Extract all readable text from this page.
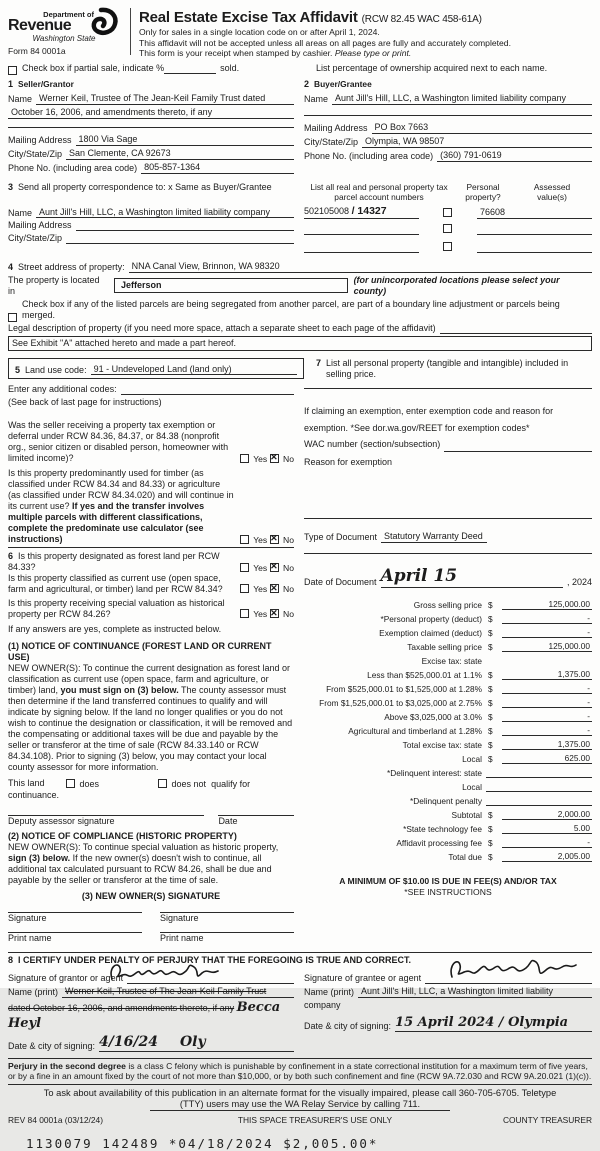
Department of
Revenue
Washington State
Form 84 0001a
Real Estate Excise Tax Affidavit (RCW 82.45 WAC 458-61A)
Only for sales in a single location code on or after April 1, 2024.
This affidavit will not be accepted unless all areas on all pages are fully and accurately completed.
This form is your receipt when stamped by cashier. Please type or print.
Check box if partial sale, indicate %	sold.	List percentage of ownership acquired next to each name.
1 Seller/Grantor
Name Werner Keil, Trustee of The Jean-Keil Family Trust dated
October 16, 2006, and amendments thereto, if any
Mailing Address 1800 Via Sage
City/State/Zip San Clemente, CA 92673
Phone No. (including area code) 805-857-1364
2 Buyer/Grantee
Name Aunt Jill's Hill, LLC, a Washington limited liability company
Mailing Address PO Box 7663
City/State/Zip Olympia, WA 98507
Phone No. (including area code) (360) 791-0619
3 Send all property correspondence to: x Same as Buyer/Grantee
Name Aunt Jill's Hill, LLC, a Washington limited liability company
Mailing Address
City/State/Zip
List all real and personal property tax
parcel account numbers
Personal
property?
Assessed
value(s)
502105008 / 14327	76608
4 Street address of property: NNA Canal View, Brinnon, WA 98320
The property is located in
Jefferson
(for unincorporated locations please select your county)
Check box if any of the listed parcels are being segregated from another parcel, are part of a boundary line adjustment or parcels being merged.
Legal description of property (if you need more space, attach a separate sheet to each page of the affidavit)
See Exhibit "A" attached hereto and made a part hereof.
5 Land use code: 91 - Undeveloped Land (land only)
7 List all personal property (tangible and intangible) included in selling price.
Enter any additional codes:
(See back of last page for instructions)
Was the seller receiving a property tax exemption or deferral under RCW 84.36, 84.37, or 84.38 (nonprofit org., senior citizen or disabled person, homeowner with limited income)?	Yes ✕ No
Is this property predominantly used for timber (as classified under RCW 84.34 and 84.33) or agriculture (as classified under RCW 84.34.020) and will continue in its current use? If yes and the transfer involves multiple parcels with different classifications, complete the predominate use calculator (see instructions)	Yes ✕ No
6 Is this property designated as forest land per RCW 84.33?	Yes ✕ No
Is this property classified as current use (open space, farm and agricultural, or timber) land per RCW 84.34?	Yes ✕ No
Is this property receiving special valuation as historical property per RCW 84.26?	Yes ✕ No
If any answers are yes, complete as instructed below.
(1) NOTICE OF CONTINUANCE (FOREST LAND OR CURRENT USE)
NEW OWNER(S): To continue the current designation as forest land or classification as current use (open space, farm and agriculture, or timber) land, you must sign on (3) below. The county assessor must then determine if the land transferred continues to qualify and will indicate by signing below. If the land no longer qualifies or you do not wish to continue the designation or classification, it will be removed and the compensating or additional taxes will be due and payable by the seller or transferor at the time of sale (RCW 84.33.140 or RCW 84.34.108). Prior to signing (3) below, you may contact your local county assessor for more information.
This land	does	does not qualify for
continuance.
Deputy assessor signature	Date
(2) NOTICE OF COMPLIANCE (HISTORIC PROPERTY)
NEW OWNER(S): To continue special valuation as historic property, sign (3) below. If the new owner(s) doesn't wish to continue, all additional tax calculated pursuant to RCW 84.26, shall be due and payable by the seller or transferor at the time of sale.
(3) NEW OWNER(S) SIGNATURE
Signature	Signature
Print name	Print name
If claiming an exemption, enter exemption code and reason for
exemption. *See dor.wa.gov/REET for exemption codes*
WAC number (section/subsection)
Reason for exemption
Type of Document Statutory Warranty Deed
Date of Document April 15	, 2024
Gross selling price $	125,000.00
*Personal property (deduct) $	-
Exemption claimed (deduct) $	-
Taxable selling price $	125,000.00
Excise tax: state
Less than $525,000.01 at 1.1% $	1,375.00
From $525,000.01 to $1,525,000 at 1.28% $	-
From $1,525,000.01 to $3,025,000 at 2.75% $	-
Above $3,025,000 at 3.0% $	-
Agricultural and timberland at 1.28% $	-
Total excise tax: state $	1,375.00
Local $	625.00
*Delinquent interest: state
Local
*Delinquent penalty
Subtotal $	2,000.00
*State technology fee $	5.00
Affidavit processing fee $	-
Total due $	2,005.00
A MINIMUM OF $10.00 IS DUE IN FEE(S) AND/OR TAX
*SEE INSTRUCTIONS
8 I CERTIFY UNDER PENALTY OF PERJURY THAT THE FOREGOING IS TRUE AND CORRECT.
Signature of grantor or agent
Name (print) Werner Keil, Trustee of The Jean-Keil Family Trust
dated October 16, 2006, and amendments thereto, if any Becca Heyl
Date & city of signing: 4/16/24 Oly
Signature of grantee or agent
Name (print) Aunt Jill's Hill, LLC, a Washington limited liability
company
Date & city of signing: 15 April 2024 / Olympia
Perjury in the second degree is a class C felony which is punishable by confinement in a state correctional institution for a maximum term of five years, or by a fine in an amount fixed by the court of not more than $10,000, or by both such confinement and fine (RCW 9A.72.030 and RCW 9A.20.021 (1)(c)).
To ask about availability of this publication in an alternate format for the visually impaired, please call 360-705-6705. Teletype
(TTY) users may use the WA Relay Service by calling 711.
REV 84 0001a (03/12/24)	THIS SPACE TREASURER'S USE ONLY	COUNTY TREASURER
1130079 142489 *04/18/2024 $2,005.00*
